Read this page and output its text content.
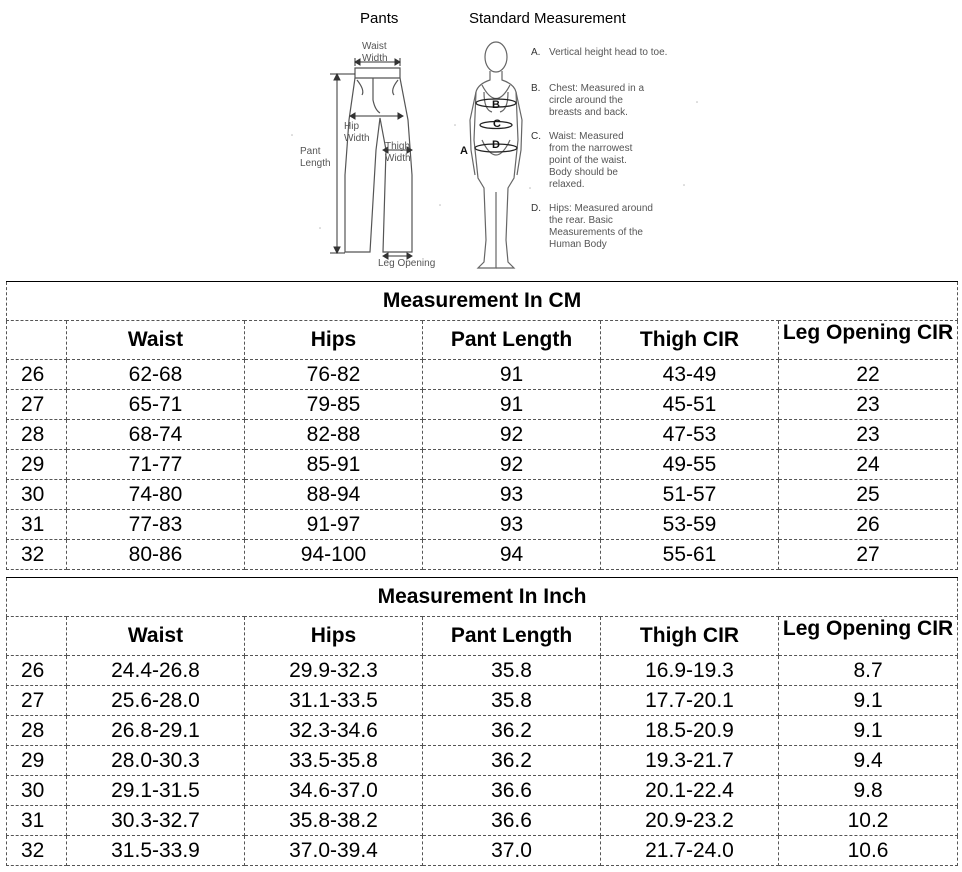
Pants	Standard Measurement
Waist
Width
Hip
Width
Thigh
Width
Pant
Length
Leg Opening
A
B
C
D
A. Vertical height head to toe.
B. Chest: Measured in a circle around the breasts and back.
C. Waist: Measured from the narrowest point of the waist. Body should be relaxed.
D. Hips: Measured around the rear. Basic Measurements of the Human Body
Measurement In CM					
	Waist	Hips	Pant Length	Thigh CIR	Leg Opening CIR

26	62-68	76-82	91	43-49	22
27	65-71	79-85	91	45-51	23
28	68-74	82-88	92	47-53	23
29	71-77	85-91	92	49-55	24
30	74-80	88-94	93	51-57	25
31	77-83	91-97	93	53-59	26
32	80-86	94-100	94	55-61	27
Measurement In Inch					
	Waist	Hips	Pant Length	Thigh CIR	Leg Opening CIR

26	24.4-26.8	29.9-32.3	35.8	16.9-19.3	8.7
27	25.6-28.0	31.1-33.5	35.8	17.7-20.1	9.1
28	26.8-29.1	32.3-34.6	36.2	18.5-20.9	9.1
29	28.0-30.3	33.5-35.8	36.2	19.3-21.7	9.4
30	29.1-31.5	34.6-37.0	36.6	20.1-22.4	9.8
31	30.3-32.7	35.8-38.2	36.6	20.9-23.2	10.2
32	31.5-33.9	37.0-39.4	37.0	21.7-24.0	10.6
